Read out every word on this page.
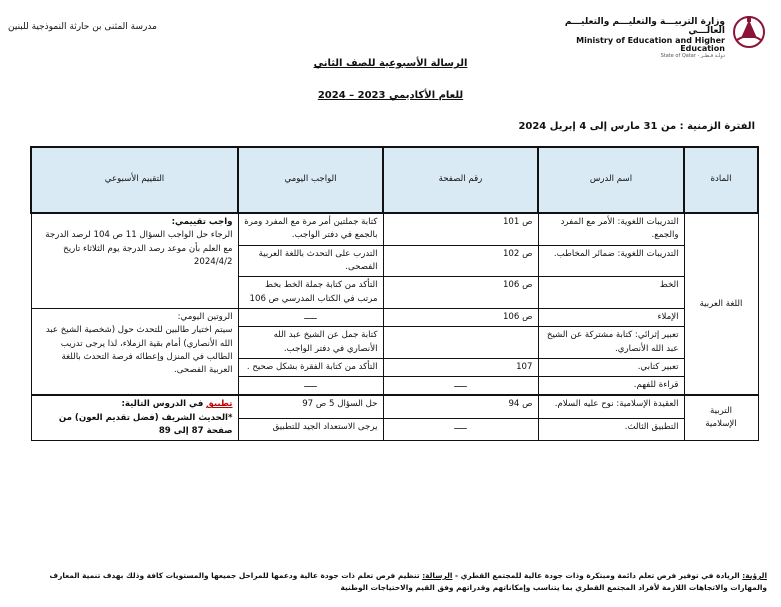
مدرسة المثنى بن حارثة النموذجية للبنين	وزارة التربيـــة والتعليـــم والتعليـــم العالـــي
Ministry of Education and Higher Education
State of Qatar - دولـة قـطـر
الرسالة الأسبوعية للصف الثاني
للعام الأكاديمي 2023 – 2024
الفترة الزمنية : من 31 مارس إلى 4 إبريل 2024
المادة	اسم الدرس	رقم الصفحة	الواجب اليومي	التقييم الأسبوعي
اللغة العربية	التدريبات اللغوية: الأمر مع المفرد والجمع.	ص 101	كتابة جملتين أمر مرة مع المفرد ومرة بالجمع في دفتر الواجب.	واجب تقييمي:
الرجاء حل الواجب السؤال 11 ص 104 لرصد الدرجة مع العلم بأن موعد رصد الدرجة يوم الثلاثاء تاريخ 2024/4/2
	التدريبات اللغوية: ضمائر المخاطب.	ص 102	التدرب على التحدث باللغة العربية الفصحى.	
	الخط	ص 106	التأكد من كتابة جملة الخط بخط مرتب في الكتاب المدرسي ص 106	
	الإملاء	ص 106	ـــــ	الروتين اليومي:
سيتم اختيار طالبين للتحدث حول (شخصية الشيخ عبد الله الأنصاري) أمام بقية الزملاء، لذا يرجى تدريب الطالب في المنزل وإعطائه فرصة التحدث باللغة العربية الفصحى.
	تعبير إثرائي: كتابة مشتركة عن الشيخ عبد الله الأنصاري.		كتابة جمل عن الشيخ عبد الله الأنصاري في دفتر الواجب.	
	تعبير كتابي.	107	التأكد من كتابة الفقرة بشكل صحيح .	
	قراءة للفهم.	ـــــ	ـــــ	
التربية
الإسلامية	العقيدة الإسلامية: نوح عليه السلام.	ص 94	حل السؤال 5 ص 97	تطبيق في الدروس التالية:
*الحديث الشريف (فضل تقديم العون) من صفحة 87 إلى 89
	التطبيق الثالث.	ـــــ	يرجى الاستعداد الجيد للتطبيق	
الرؤية: الريادة في توفير فرص تعلم دائمة ومبتكرة وذات جودة عالية للمجتمع القطري - الرسالة: تنظيم فرص تعلم ذات جودة عالية ودعمها للمراحل جميعها والمستويات كافة وذلك بهدف تنمية المعارف
والمهارات والاتجاهات اللازمة لأفراد المجتمع القطري بما يتناسب وإمكاناتهم وقدراتهم وفق القيم والاحتياجات الوطنية
